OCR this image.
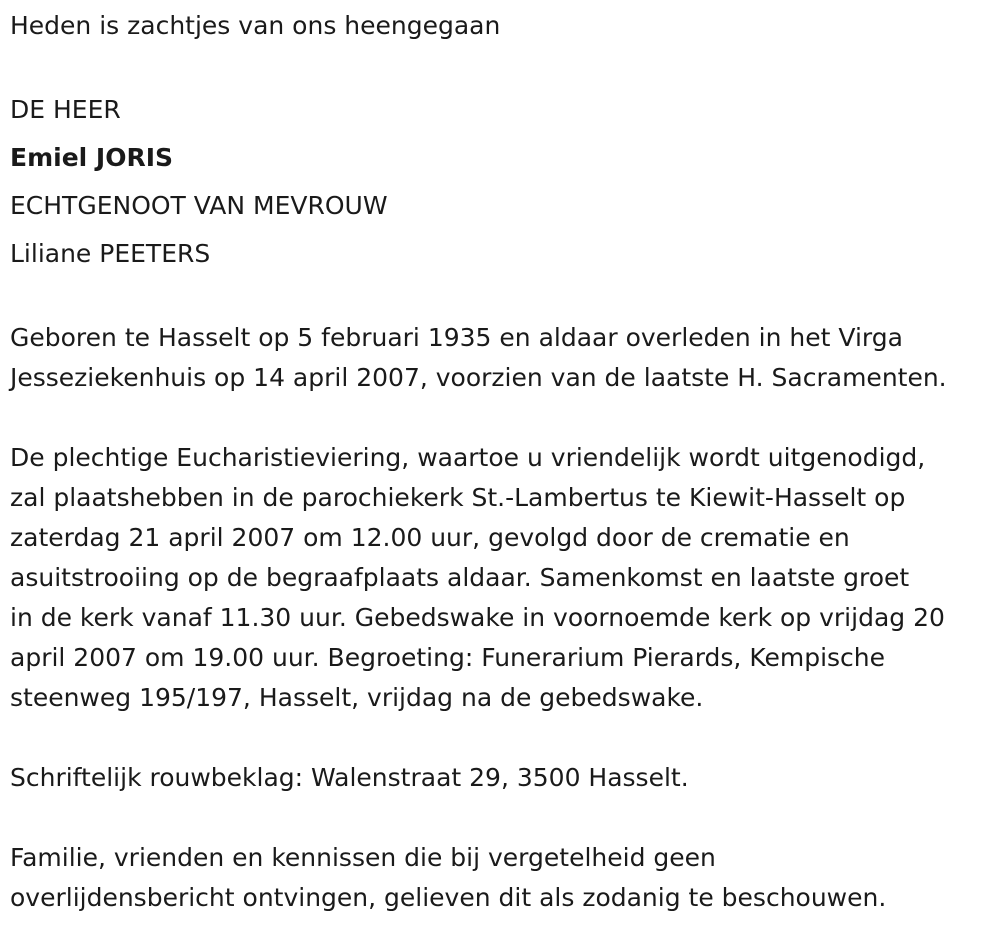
Heden is zachtjes van ons heengegaan
DE HEER
Emiel JORIS
ECHTGENOOT VAN MEVROUW
Liliane PEETERS

Geboren te Hasselt op 5 februari 1935 en aldaar overleden in het Virga
Jesseziekenhuis op 14 april 2007, voorzien van de laatste H. Sacramenten.

De plechtige Eucharistieviering, waartoe u vriendelijk wordt uitgenodigd,
zal plaatshebben in de parochiekerk St.-Lambertus te Kiewit-Hasselt op
zaterdag 21 april 2007 om 12.00 uur, gevolgd door de crematie en
asuitstrooiing op de begraafplaats aldaar. Samenkomst en laatste groet
in de kerk vanaf 11.30 uur. Gebedswake in voornoemde kerk op vrijdag 20
april 2007 om 19.00 uur. Begroeting: Funerarium Pierards, Kempische
steenweg 195/197, Hasselt, vrijdag na de gebedswake.

Schriftelijk rouwbeklag: Walenstraat 29, 3500 Hasselt.

Familie, vrienden en kennissen die bij vergetelheid geen
overlijdensbericht ontvingen, gelieven dit als zodanig te beschouwen.
